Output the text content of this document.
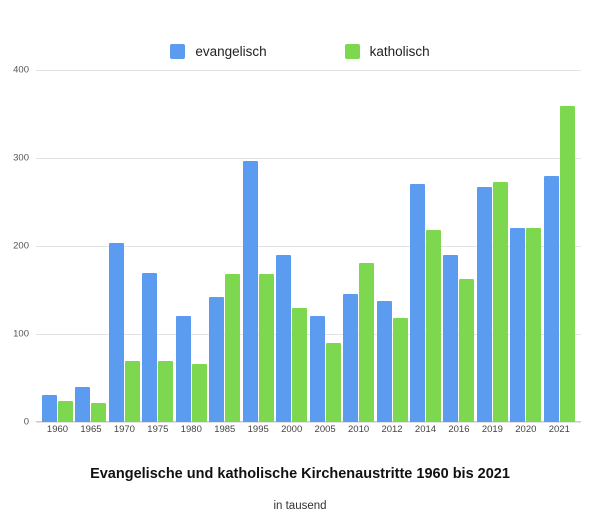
evangelisch	katholisch
0
100
200
300
400
1960	1965	1970	1975	1980	1985	1995	2000	2005	2010	2012	2014	2016	2019	2020	2021
Evangelische und katholische Kirchenaustritte 1960 bis 2021
in tausend
